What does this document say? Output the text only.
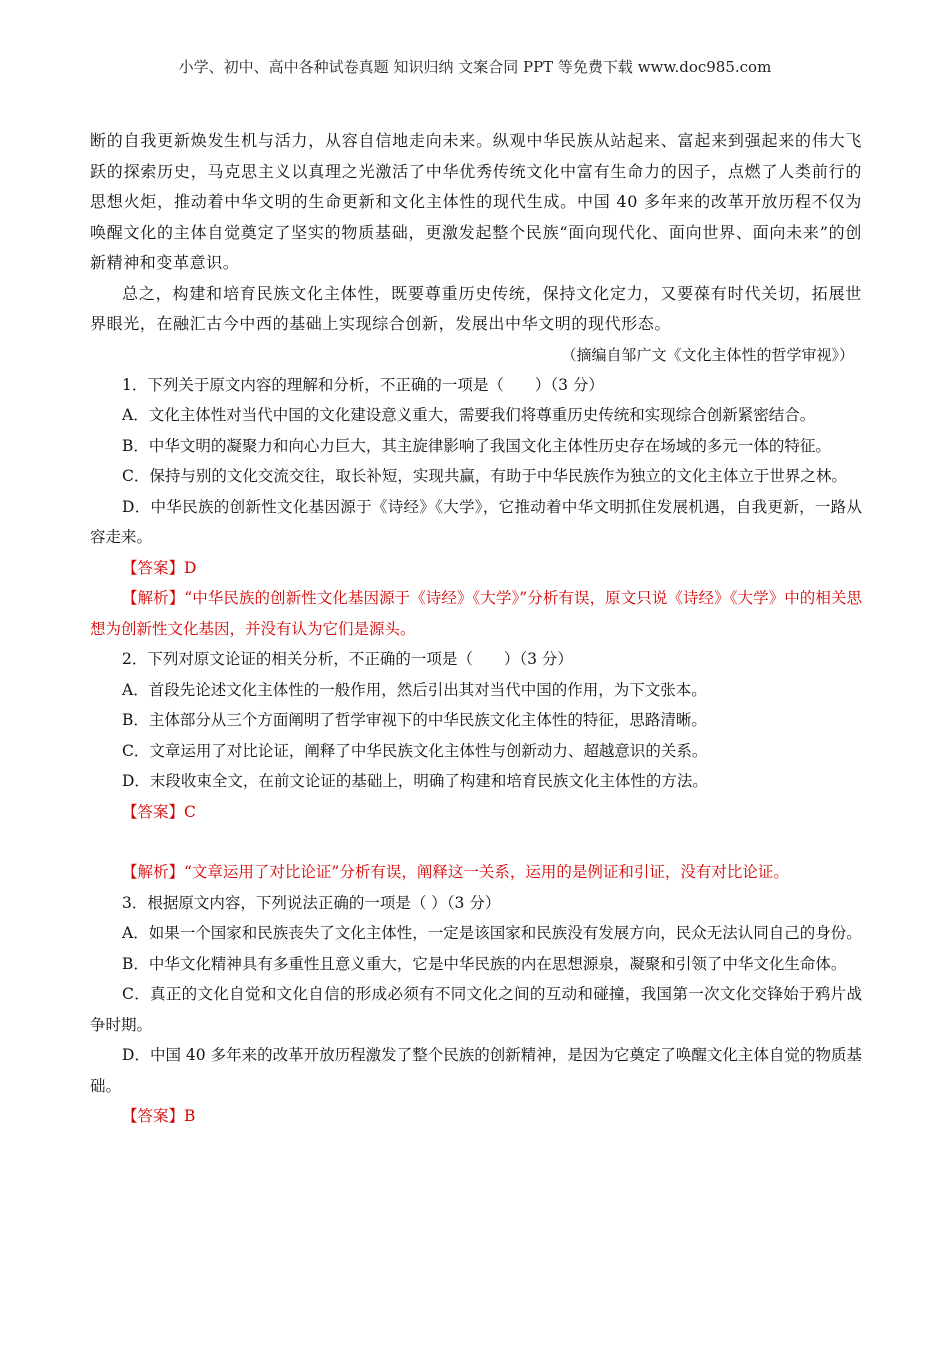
小学、初中、高中各种试卷真题 知识归纳 文案合同 PPT 等免费下载 www.doc985.com

断的自我更新焕发生机与活力，从容自信地走向未来。纵观中华民族从站起来、富起来到强起来的伟大飞跃的探索历史，马克思主义以真理之光激活了中华优秀传统文化中富有生命力的因子，点燃了人类前行的思想火炬，推动着中华文明的生命更新和文化主体性的现代生成。中国 40 多年来的改革开放历程不仅为唤醒文化的主体自觉奠定了坚实的物质基础，更激发起整个民族“面向现代化、面向世界、面向未来”的创新精神和变革意识。

总之，构建和培育民族文化主体性，既要尊重历史传统，保持文化定力，又要葆有时代关切，拓展世界眼光，在融汇古今中西的基础上实现综合创新，发展出中华文明的现代形态。

（摘编自邹广文《文化主体性的哲学审视》）

1．下列关于原文内容的理解和分析，不正确的一项是（　　）（3 分）

A．文化主体性对当代中国的文化建设意义重大，需要我们将尊重历史传统和实现综合创新紧密结合。

B．中华文明的凝聚力和向心力巨大，其主旋律影响了我国文化主体性历史存在场域的多元一体的特征。

C．保持与别的文化交流交往，取长补短，实现共赢，有助于中华民族作为独立的文化主体立于世界之林。

D．中华民族的创新性文化基因源于《诗经》《大学》，它推动着中华文明抓住发展机遇，自我更新，一路从容走来。

【答案】D

【解析】“中华民族的创新性文化基因源于《诗经》《大学》”分析有误，原文只说《诗经》《大学》中的相关思想为创新性文化基因，并没有认为它们是源头。

2．下列对原文论证的相关分析，不正确的一项是（　　）（3 分）

A．首段先论述文化主体性的一般作用，然后引出其对当代中国的作用，为下文张本。

B．主体部分从三个方面阐明了哲学审视下的中华民族文化主体性的特征，思路清晰。

C．文章运用了对比论证，阐释了中华民族文化主体性与创新动力、超越意识的关系。

D．末段收束全文，在前文论证的基础上，明确了构建和培育民族文化主体性的方法。

【答案】C

【解析】“文章运用了对比论证”分析有误，阐释这一关系，运用的是例证和引证，没有对比论证。

3．根据原文内容，下列说法正确的一项是（ ）（3 分）

A．如果一个国家和民族丧失了文化主体性，一定是该国家和民族没有发展方向，民众无法认同自己的身份。

B．中华文化精神具有多重性且意义重大，它是中华民族的内在思想源泉，凝聚和引领了中华文化生命体。

C．真正的文化自觉和文化自信的形成必须有不同文化之间的互动和碰撞，我国第一次文化交锋始于鸦片战争时期。

D．中国 40 多年来的改革开放历程激发了整个民族的创新精神，是因为它奠定了唤醒文化主体自觉的物质基础。

【答案】B
